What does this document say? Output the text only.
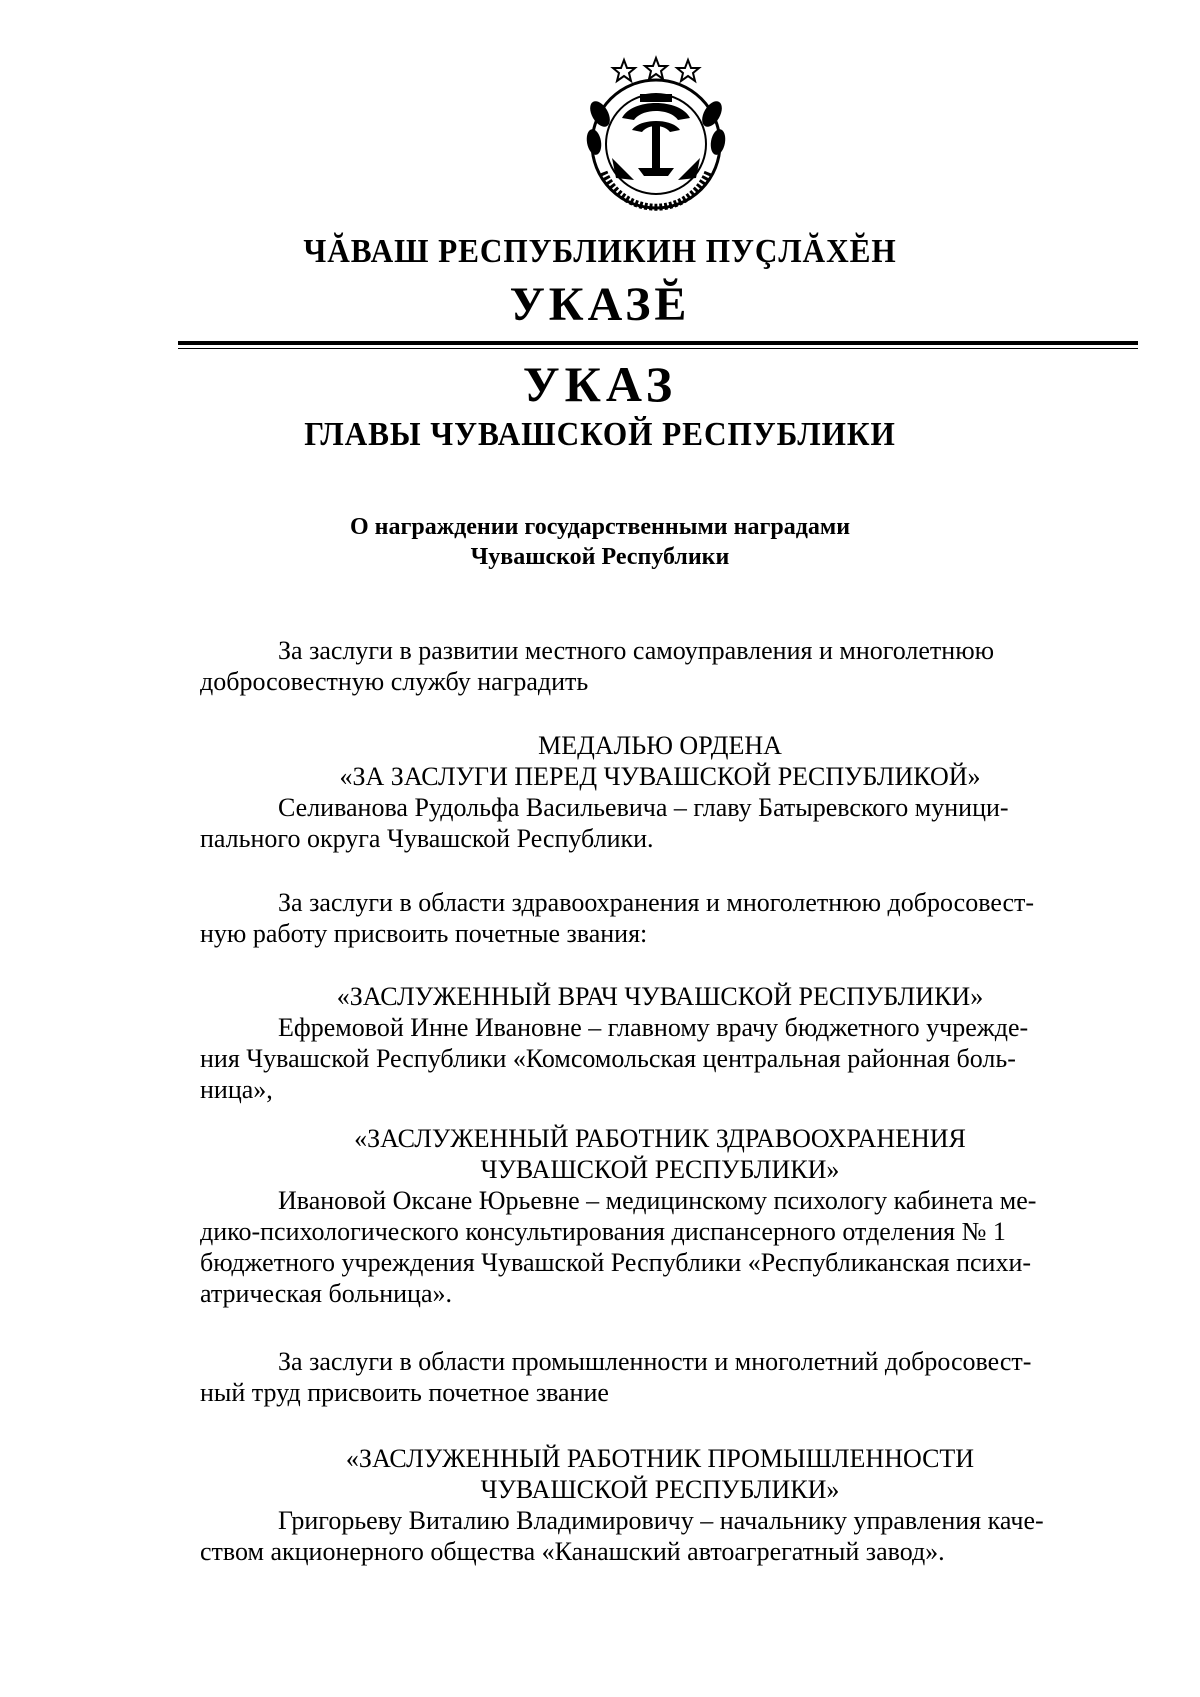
ЧĂВАШ РЕСПУБЛИКИН ПУÇЛĂХĔН
УКАЗĔ
УКАЗ
ГЛАВЫ ЧУВАШСКОЙ РЕСПУБЛИКИ
О награждении государственными наградами
Чувашской Республики

За заслуги в развитии местного самоуправления и многолетнюю

добросовестную службу наградить

МЕДАЛЬЮ ОРДЕНА
«ЗА ЗАСЛУГИ ПЕРЕД ЧУВАШСКОЙ РЕСПУБЛИКОЙ»

Селиванова Рудольфа Васильевича – главу Батыревского муници-

пального округа Чувашской Республики.

За заслуги в области здравоохранения и многолетнюю добросовест-

ную работу присвоить почетные звания:

«ЗАСЛУЖЕННЫЙ ВРАЧ ЧУВАШСКОЙ РЕСПУБЛИКИ»

Ефремовой Инне Ивановне – главному врачу бюджетного учрежде-

ния Чувашской Республики «Комсомольская центральная районная боль-

ница»,

«ЗАСЛУЖЕННЫЙ РАБОТНИК ЗДРАВООХРАНЕНИЯ
ЧУВАШСКОЙ РЕСПУБЛИКИ»

Ивановой Оксане Юрьевне – медицинскому психологу кабинета ме-

дико-психологического консультирования диспансерного отделения № 1

бюджетного учреждения Чувашской Республики «Республиканская психи-

атрическая больница».

За заслуги в области промышленности и многолетний добросовест-

ный труд присвоить почетное звание

«ЗАСЛУЖЕННЫЙ РАБОТНИК ПРОМЫШЛЕННОСТИ
ЧУВАШСКОЙ РЕСПУБЛИКИ»

Григорьеву Виталию Владимировичу – начальнику управления каче-

ством акционерного общества «Канашский автоагрегатный завод».
